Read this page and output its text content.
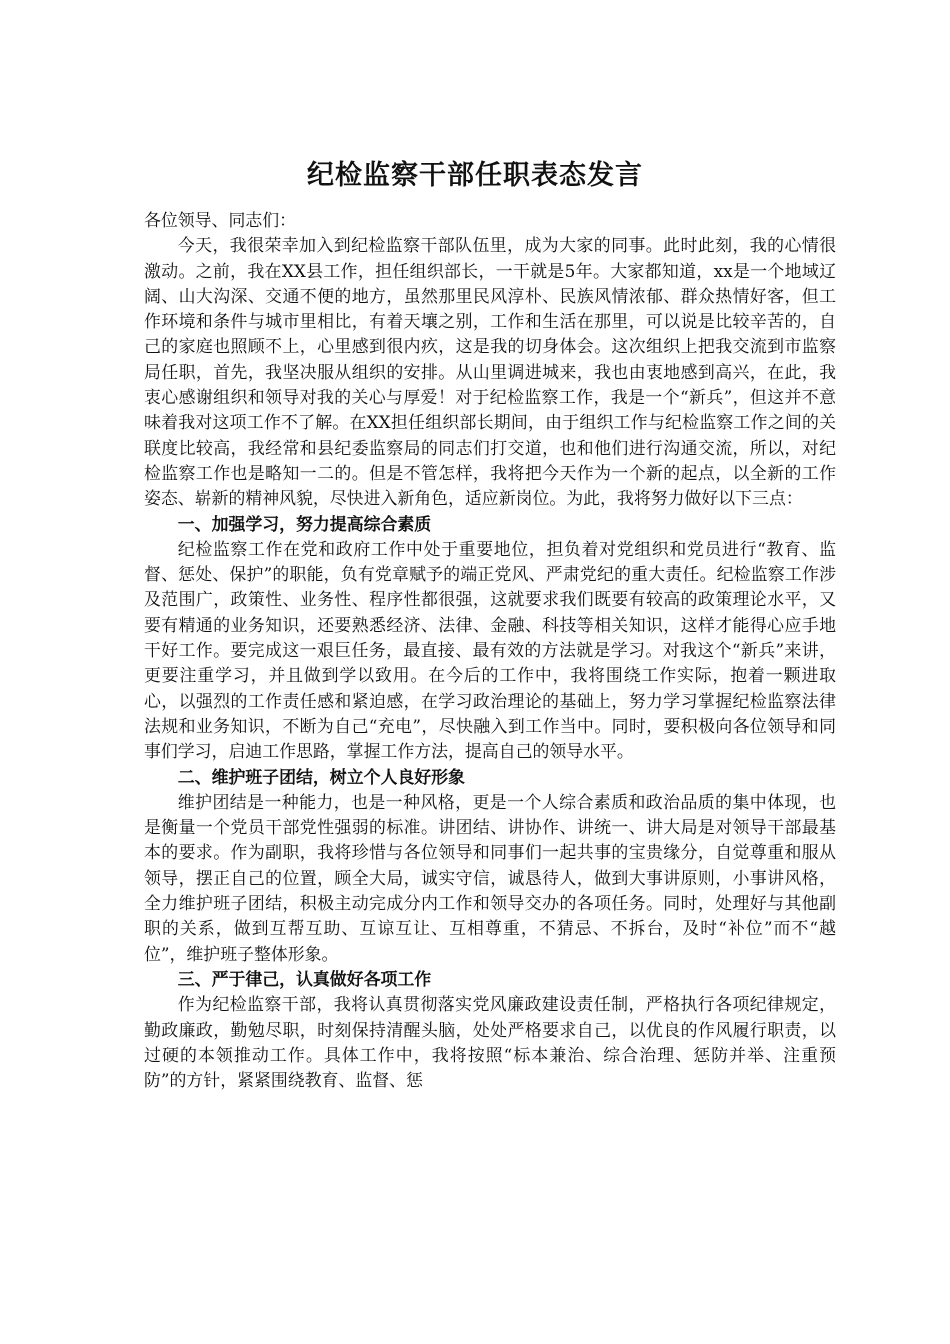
纪检监察干部任职表态发言

各位领导、同志们：

今天，我很荣幸加入到纪检监察干部队伍里，成为大家的同事。此时此刻，我的心情很激动。之前，我在XX县工作，担任组织部长，一干就是5年。大家都知道，xx是一个地域辽阔、山大沟深、交通不便的地方，虽然那里民风淳朴、民族风情浓郁、群众热情好客，但工作环境和条件与城市里相比，有着天壤之别，工作和生活在那里，可以说是比较辛苦的，自己的家庭也照顾不上，心里感到很内疚，这是我的切身体会。这次组织上把我交流到市监察局任职，首先，我坚决服从组织的安排。从山里调进城来，我也由衷地感到高兴，在此，我衷心感谢组织和领导对我的关心与厚爱！对于纪检监察工作，我是一个“新兵”，但这并不意味着我对这项工作不了解。在XX担任组织部长期间，由于组织工作与纪检监察工作之间的关联度比较高，我经常和县纪委监察局的同志们打交道，也和他们进行沟通交流，所以，对纪检监察工作也是略知一二的。但是不管怎样，我将把今天作为一个新的起点，以全新的工作姿态、崭新的精神风貌，尽快进入新角色，适应新岗位。为此，我将努力做好以下三点：

一、加强学习，努力提高综合素质

纪检监察工作在党和政府工作中处于重要地位，担负着对党组织和党员进行“教育、监督、惩处、保护”的职能，负有党章赋予的端正党风、严肃党纪的重大责任。纪检监察工作涉及范围广，政策性、业务性、程序性都很强，这就要求我们既要有较高的政策理论水平，又要有精通的业务知识，还要熟悉经济、法律、金融、科技等相关知识，这样才能得心应手地干好工作。要完成这一艰巨任务，最直接、最有效的方法就是学习。对我这个“新兵”来讲，更要注重学习，并且做到学以致用。在今后的工作中，我将围绕工作实际，抱着一颗进取心，以强烈的工作责任感和紧迫感，在学习政治理论的基础上，努力学习掌握纪检监察法律法规和业务知识，不断为自己“充电”，尽快融入到工作当中。同时，要积极向各位领导和同事们学习，启迪工作思路，掌握工作方法，提高自己的领导水平。

二、维护班子团结，树立个人良好形象

维护团结是一种能力，也是一种风格，更是一个人综合素质和政治品质的集中体现，也是衡量一个党员干部党性强弱的标准。讲团结、讲协作、讲统一、讲大局是对领导干部最基本的要求。作为副职，我将珍惜与各位领导和同事们一起共事的宝贵缘分，自觉尊重和服从领导，摆正自己的位置，顾全大局，诚实守信，诚恳待人，做到大事讲原则，小事讲风格，全力维护班子团结，积极主动完成分内工作和领导交办的各项任务。同时，处理好与其他副职的关系，做到互帮互助、互谅互让、互相尊重，不猜忌、不拆台，及时“补位”而不“越位”，维护班子整体形象。

三、严于律己，认真做好各项工作

作为纪检监察干部，我将认真贯彻落实党风廉政建设责任制，严格执行各项纪律规定，勤政廉政，勤勉尽职，时刻保持清醒头脑，处处严格要求自己，以优良的作风履行职责，以过硬的本领推动工作。具体工作中，我将按照“标本兼治、综合治理、惩防并举、注重预防”的方针，紧紧围绕教育、监督、惩
